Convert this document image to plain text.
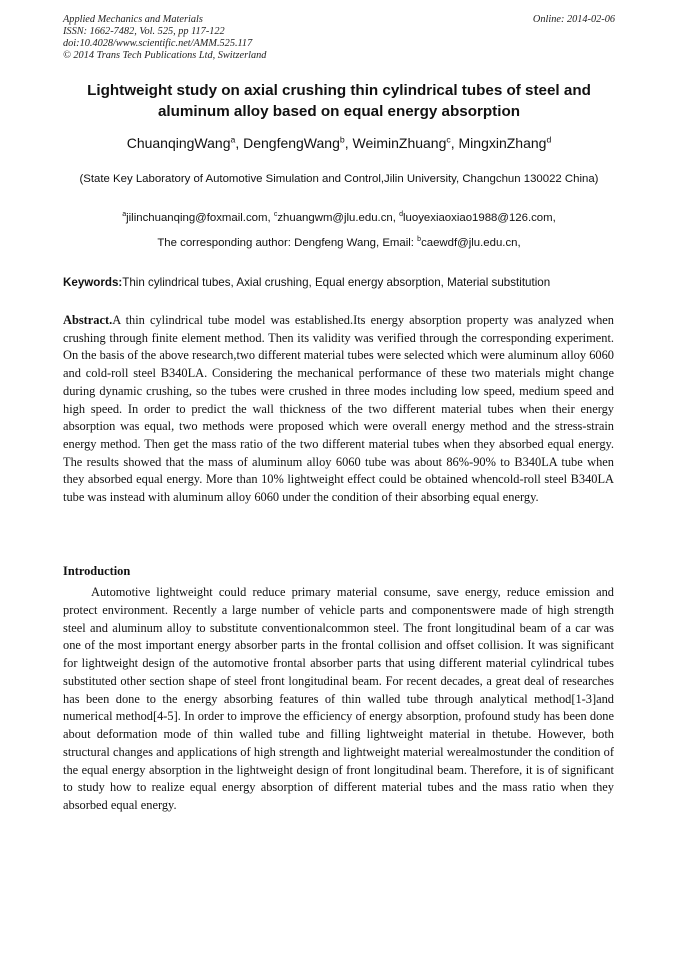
Applied Mechanics and Materials
ISSN: 1662-7482, Vol. 525, pp 117-122
doi:10.4028/www.scientific.net/AMM.525.117
© 2014 Trans Tech Publications Ltd, Switzerland
Online: 2014-02-06
Lightweight study on axial crushing thin cylindrical tubes of steel and aluminum alloy based on equal energy absorption
ChuanqingWang$^a$, DengfengWang$^b$, WeiminZhuang$^c$, MingxinZhang$^d$
(State Key Laboratory of Automotive Simulation and Control,Jilin University, Changchun 130022 China)
$^a$jilinchuanqing@foxmail.com, $^c$zhuangwm@jlu.edu.cn, $^d$luoyexiaoxiao1988@126.com,
The corresponding author: Dengfeng Wang, Email: $^b$caewdf@jlu.edu.cn,
Keywords:Thin cylindrical tubes, Axial crushing, Equal energy absorption, Material substitution
Abstract.A thin cylindrical tube model was established.Its energy absorption property was analyzed when crushing through finite element method. Then its validity was verified through the corresponding experiment. On the basis of the above research,two different material tubes were selected which were aluminum alloy 6060 and cold-roll steel B340LA. Considering the mechanical performance of these two materials might change during dynamic crushing, so the tubes were crushed in three modes including low speed, medium speed and high speed. In order to predict the wall thickness of the two different material tubes when their energy absorption was equal, two methods were proposed which were overall energy method and the stress-strain energy method. Then get the mass ratio of the two different material tubes when they absorbed equal energy. The results showed that the mass of aluminum alloy 6060 tube was about 86%-90% to B340LA tube when they absorbed equal energy. More than 10% lightweight effect could be obtained whencold-roll steel B340LA tube was instead with aluminum alloy 6060 under the condition of their absorbing equal energy.
Introduction
Automotive lightweight could reduce primary material consume, save energy, reduce emission and protect environment. Recently a large number of vehicle parts and componentswere made of high strength steel and aluminum alloy to substitute conventionalcommon steel. The front longitudinal beam of a car was one of the most important energy absorber parts in the frontal collision and offset collision. It was significant for lightweight design of the automotive frontal absorber parts that using different material cylindrical tubes substituted other section shape of steel front longitudinal beam. For recent decades, a great deal of researches has been done to the energy absorbing features of thin walled tube through analytical method[1-3]and numerical method[4-5]. In order to improve the efficiency of energy absorption, profound study has been done about deformation mode of thin walled tube and filling lightweight material in thetube. However, both structural changes and applications of high strength and lightweight material werealmostunder the condition of the equal energy absorption in the lightweight design of front longitudinal beam. Therefore, it is of significant to study how to realize equal energy absorption of different material tubes and the mass ratio when they absorbed equal energy.
